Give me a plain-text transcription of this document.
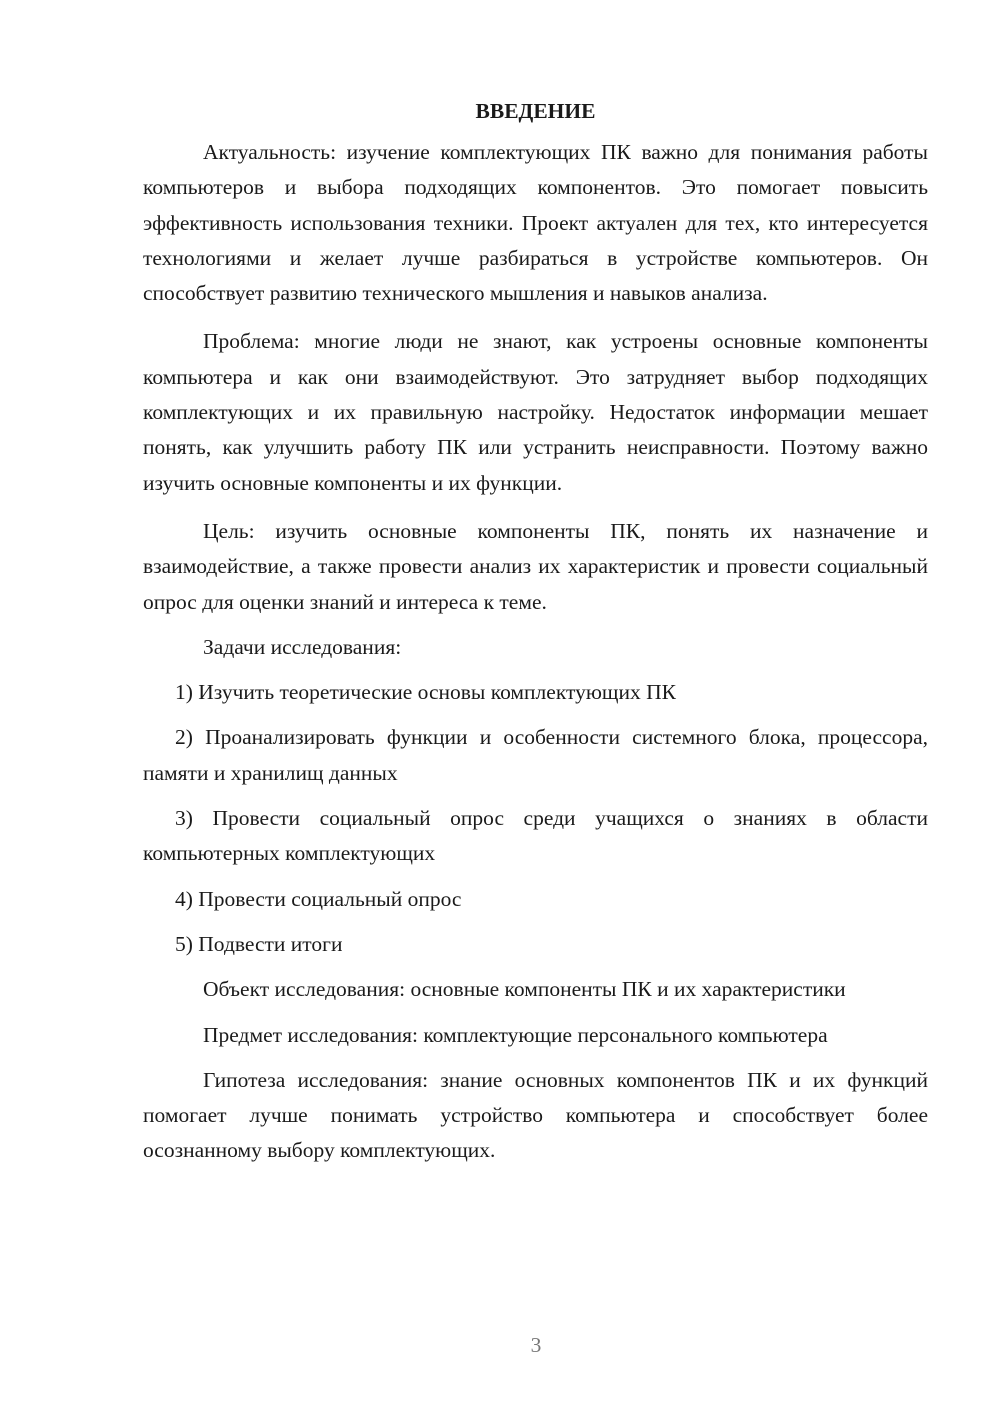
ВВЕДЕНИЕ

Актуальность: изучение комплектующих ПК важно для понимания работы компьютеров и выбора подходящих компонентов. Это помогает повысить эффективность использования техники. Проект актуален для тех, кто интересуется технологиями и желает лучше разбираться в устройстве компьютеров. Он способствует развитию технического мышления и навыков анализа.

Проблема: многие люди не знают, как устроены основные компоненты компьютера и как они взаимодействуют. Это затрудняет выбор подходящих комплектующих и их правильную настройку. Недостаток информации мешает понять, как улучшить работу ПК или устранить неисправности. Поэтому важно изучить основные компоненты и их функции.

Цель: изучить основные компоненты ПК, понять их назначение и взаимодействие, а также провести анализ их характеристик и провести социальный опрос для оценки знаний и интереса к теме.

Задачи исследования:

1) Изучить теоретические основы комплектующих ПК

2) Проанализировать функции и особенности системного блока, процессора, памяти и хранилищ данных

3) Провести социальный опрос среди учащихся о знаниях в области компьютерных комплектующих

4) Провести социальный опрос

5) Подвести итоги

Объект исследования: основные компоненты ПК и их характеристики

Предмет исследования: комплектующие персонального компьютера

Гипотеза исследования: знание основных компонентов ПК и их функций помогает лучше понимать устройство компьютера и способствует более осознанному выбору комплектующих.

3
